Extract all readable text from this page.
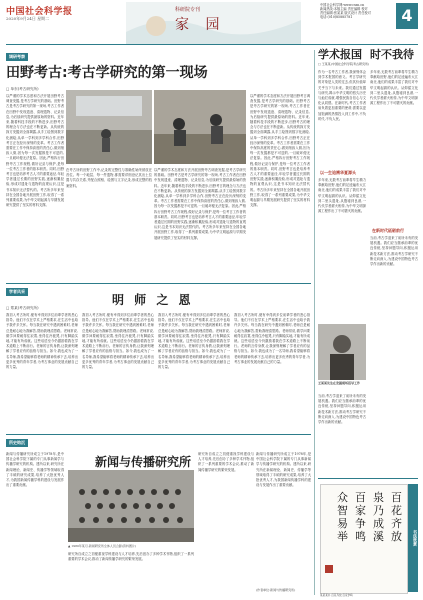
中国社会科学报
2020年9月24日 星期二
科研院专刊
家 园
中国社会科学网:www.cssn.cn
新闻热线:本版主编 责任编辑 校对
责任编辑:张某某 版式设计 责任校对
电话:(010)85885781	4
调研考察
田野考古:考古学研究的第一现场
□ 单东(考古研究所)
以严谨的学术态度和方法开展田野考古调查发掘,是考古学研究的基础。田野考古是考古学研究的第一现场,考古工作者在田野中发现遗迹、清理遗物、记录信息,为后续研究提供最原始的资料。近年来,随着科技手段的不断进步,田野考古的理念与方法也在不断更新。从传统的探方发掘到全面揭露,从手工绘图到数字化测绘,从单一学科到多学科合作,田野考古正在经历深刻的变革。考古工作者需要在工作中保持高度的责任心,做到细致入微,因为每一次发掘都是不可逆的,一旦破坏便无法复原。因此,严格执行田野考古工作规程,做好记录与保护,是每一位考古工作者的基本职责。同时,田野考古也是培养考古人才的重要途径,年轻学者通过长期的田野实践,逐渐积累经验,形成对遗址与遗物的直观认识,这是书本知识无法替代的。考古所多年来坚持在全国各地开展田野工作,取得了一系列重要成果,为中华文明起源与早期发展研究提供了坚实的材料支撑。
在考古所的田野工作中,记录的完整性与准确性始终被放在首位。每一个地层、每一件遗物,都需要详细登记其出土位置与共存关系,并配合照相、绘图与文字记录,形成完整的档案资料。
以严谨的学术态度和方法开展田野考古调查发掘,是考古学研究的基础。田野考古是考古学研究的第一现场,考古工作者在田野中发现遗迹、清理遗物、记录信息,为后续研究提供最原始的资料。近年来,随着科技手段的不断进步,田野考古的理念与方法也在不断更新。从传统的探方发掘到全面揭露,从手工绘图到数字化测绘,从单一学科到多学科合作,田野考古正在经历深刻的变革。考古工作者需要在工作中保持高度的责任心,做到细致入微,因为每一次发掘都是不可逆的,一旦破坏便无法复原。因此,严格执行田野考古工作规程,做好记录与保护,是每一位考古工作者的基本职责。同时,田野考古也是培养考古人才的重要途径,年轻学者通过长期的田野实践,逐渐积累经验,形成对遗址与遗物的直观认识,这是书本知识无法替代的。考古所多年来坚持在全国各地开展田野工作,取得了一系列重要成果,为中华文明起源与早期发展研究提供了坚实的材料支撑。
以严谨的学术态度和方法开展田野考古调查发掘,是考古学研究的基础。田野考古是考古学研究的第一现场,考古工作者在田野中发现遗迹、清理遗物、记录信息,为后续研究提供最原始的资料。近年来,随着科技手段的不断进步,田野考古的理念与方法也在不断更新。从传统的探方发掘到全面揭露,从手工绘图到数字化测绘,从单一学科到多学科合作,田野考古正在经历深刻的变革。考古工作者需要在工作中保持高度的责任心,做到细致入微,因为每一次发掘都是不可逆的,一旦破坏便无法复原。因此,严格执行田野考古工作规程,做好记录与保护,是每一位考古工作者的基本职责。同时,田野考古也是培养考古人才的重要途径,年轻学者通过长期的田野实践,逐渐积累经验,形成对遗址与遗物的直观认识,这是书本知识无法替代的。考古所多年来坚持在全国各地开展田野工作,取得了一系列重要成果,为中华文明起源与早期发展研究提供了坚实的材料支撑。
学术报国 时不我待
□ 王某某(中国社会科学院考古研究所)
作为一名考古工作者,我深刻体会到学术报国的意义。考古学研究的对象是人类的过去,但其价值却关乎当下与未来。我们通过发掘与研究,揭示中华文明的悠久历史与灿烂成就,增强民族自信心与文化认同感。在新时代,考古工作者肩负着更加重要的使命,需要以更加饱满的热情投入到工作中,不负时代,不负人民。
多年来,无数考古前辈将毕生精力奉献给田野,他们的足迹遍布大江南北,他们的成果丰富了我们对中华文明起源的认识。从仰韶文化到二里头遗址,从殷墟到良渚,一代代学者薪火相传,为中华文明探源工程作出了不可磨灭的贡献。
以一生追溯华夏源头
多年来,无数考古前辈将毕生精力奉献给田野,他们的足迹遍布大江南北,他们的成果丰富了我们对中华文明起源的认识。从仰韶文化到二里头遗址,从殷墟到良渚,一代代学者薪火相传,为中华文明探源工程作出了不可磨灭的贡献。
在新时代砥砺前行
当前,考古学迎来了前所未有的发展机遇。我们应当继承前辈的优良传统,坚持问题导向,积极运用新技术新方法,推动考古学研究不断走向深入,为建设中国特色考古学作出新的贡献。
王某某先生在发掘现场指导工作
当前,考古学迎来了前所未有的发展机遇。我们应当继承前辈的优良传统,坚持问题导向,积极运用新技术新方法,推动考古学研究不断走向深入,为建设中国特色考古学作出新的贡献。
学者风采
明 师 之 恩
□ 郑某(考古研究所)
我初入考古所时,便有幸得到多位前辈学者的悉心指导。他们不仅在学术上严格要求,在生活中也给予我许多关怀。每当我在研究中遇到困难时,老师总是耐心地为我解答,帮助我理清思路。老师常说,做学问要耐得住寂寞,坐得住冷板凳,只有脚踏实地,才能有所成就。这些话语至今仍激励着我在学术道路上不断前行。老师的言传身教,让我深刻理解了学者应有的品格与担当。如今,我也成为了一名导师,我希望能够将老师的精神传承下去,培养出更多优秀的青年学者,为考古事业的发展贡献自己的力量。
我初入考古所时,便有幸得到多位前辈学者的悉心指导。他们不仅在学术上严格要求,在生活中也给予我许多关怀。每当我在研究中遇到困难时,老师总是耐心地为我解答,帮助我理清思路。老师常说,做学问要耐得住寂寞,坐得住冷板凳,只有脚踏实地,才能有所成就。这些话语至今仍激励着我在学术道路上不断前行。老师的言传身教,让我深刻理解了学者应有的品格与担当。如今,我也成为了一名导师,我希望能够将老师的精神传承下去,培养出更多优秀的青年学者,为考古事业的发展贡献自己的力量。
我初入考古所时,便有幸得到多位前辈学者的悉心指导。他们不仅在学术上严格要求,在生活中也给予我许多关怀。每当我在研究中遇到困难时,老师总是耐心地为我解答,帮助我理清思路。老师常说,做学问要耐得住寂寞,坐得住冷板凳,只有脚踏实地,才能有所成就。这些话语至今仍激励着我在学术道路上不断前行。老师的言传身教,让我深刻理解了学者应有的品格与担当。如今,我也成为了一名导师,我希望能够将老师的精神传承下去,培养出更多优秀的青年学者,为考古事业的发展贡献自己的力量。
我初入考古所时,便有幸得到多位前辈学者的悉心指导。他们不仅在学术上严格要求,在生活中也给予我许多关怀。每当我在研究中遇到困难时,老师总是耐心地为我解答,帮助我理清思路。老师常说,做学问要耐得住寂寞,坐得住冷板凳,只有脚踏实地,才能有所成就。这些话语至今仍激励着我在学术道路上不断前行。老师的言传身教,让我深刻理解了学者应有的品格与担当。如今,我也成为了一名导师,我希望能够将老师的精神传承下去,培养出更多优秀的青年学者,为考古事业的发展贡献自己的力量。
所史钩沉
新闻与传播研究所成立于1978年,是中国社会科学院下属的专门从事新闻学与传播学研究的机构。建所以来,研究所在新闻理论、新闻史、传播学等领域取得了丰硕的研究成果,培养了大批优秀人才,为我国新闻传播学科的建设与发展作出了重要贡献。
新闻与传播研究所
▲ 1980年某月,新闻研究所全体人员合影(资料图片)
研究所自成立之初便重视学科建设与人才培养,先后创办了多种学术刊物,组织了一系列重要的学术会议,推动了新闻传播学研究的繁荣发展。
新闻与传播研究所成立于1978年,是中国社会科学院下属的专门从事新闻学与传播学研究的机构。建所以来,研究所在新闻理论、新闻史、传播学等领域取得了丰硕的研究成果,培养了大批优秀人才,为我国新闻传播学科的建设与发展作出了重要贡献。
(作者单位:新闻与传播研究所)
研究所自成立之初便重视学科建设与人才培养,先后创办了多种学术刊物,组织了一系列重要的学术会议,推动了新闻传播学研究的繁荣发展。
百花齐放
泉乃成溪
百家争鸣
众智易举	书法欣赏
某某某书 百花齐放 百家争鸣
